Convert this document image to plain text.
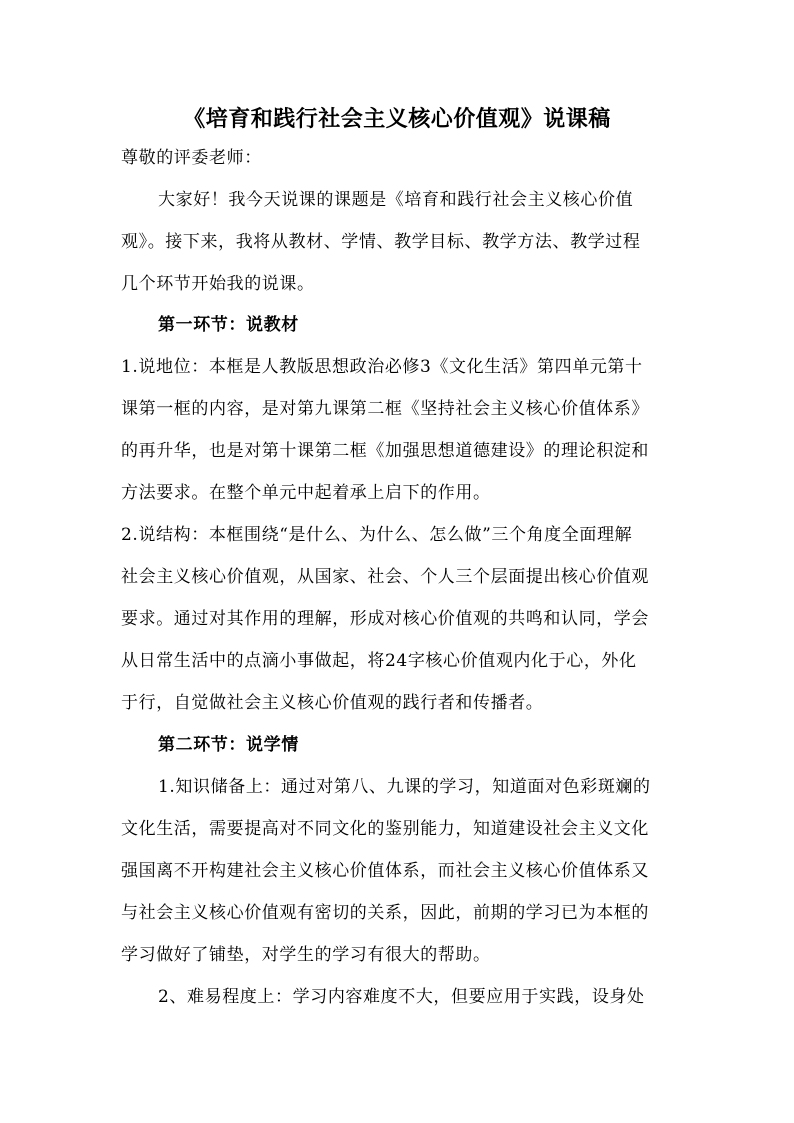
《培育和践行社会主义核心价值观》说课稿
尊敬的评委老师：
大家好！我今天说课的课题是《培育和践行社会主义核心价值
观》。接下来，我将从教材、学情、教学目标、教学方法、教学过程
几个环节开始我的说课。
第一环节：说教材
1.说地位：本框是人教版思想政治必修3《文化生活》第四单元第十
课第一框的内容，是对第九课第二框《坚持社会主义核心价值体系》
的再升华，也是对第十课第二框《加强思想道德建设》的理论积淀和
方法要求。在整个单元中起着承上启下的作用。
2.说结构：本框围绕“是什么、为什么、怎么做”三个角度全面理解
社会主义核心价值观，从国家、社会、个人三个层面提出核心价值观
要求。通过对其作用的理解，形成对核心价值观的共鸣和认同，学会
从日常生活中的点滴小事做起，将24字核心价值观内化于心，外化
于行，自觉做社会主义核心价值观的践行者和传播者。
第二环节：说学情
1.知识储备上：通过对第八、九课的学习，知道面对色彩斑斓的
文化生活，需要提高对不同文化的鉴别能力，知道建设社会主义文化
强国离不开构建社会主义核心价值体系，而社会主义核心价值体系又
与社会主义核心价值观有密切的关系，因此，前期的学习已为本框的
学习做好了铺垫，对学生的学习有很大的帮助。
2、难易程度上：学习内容难度不大，但要应用于实践，设身处
